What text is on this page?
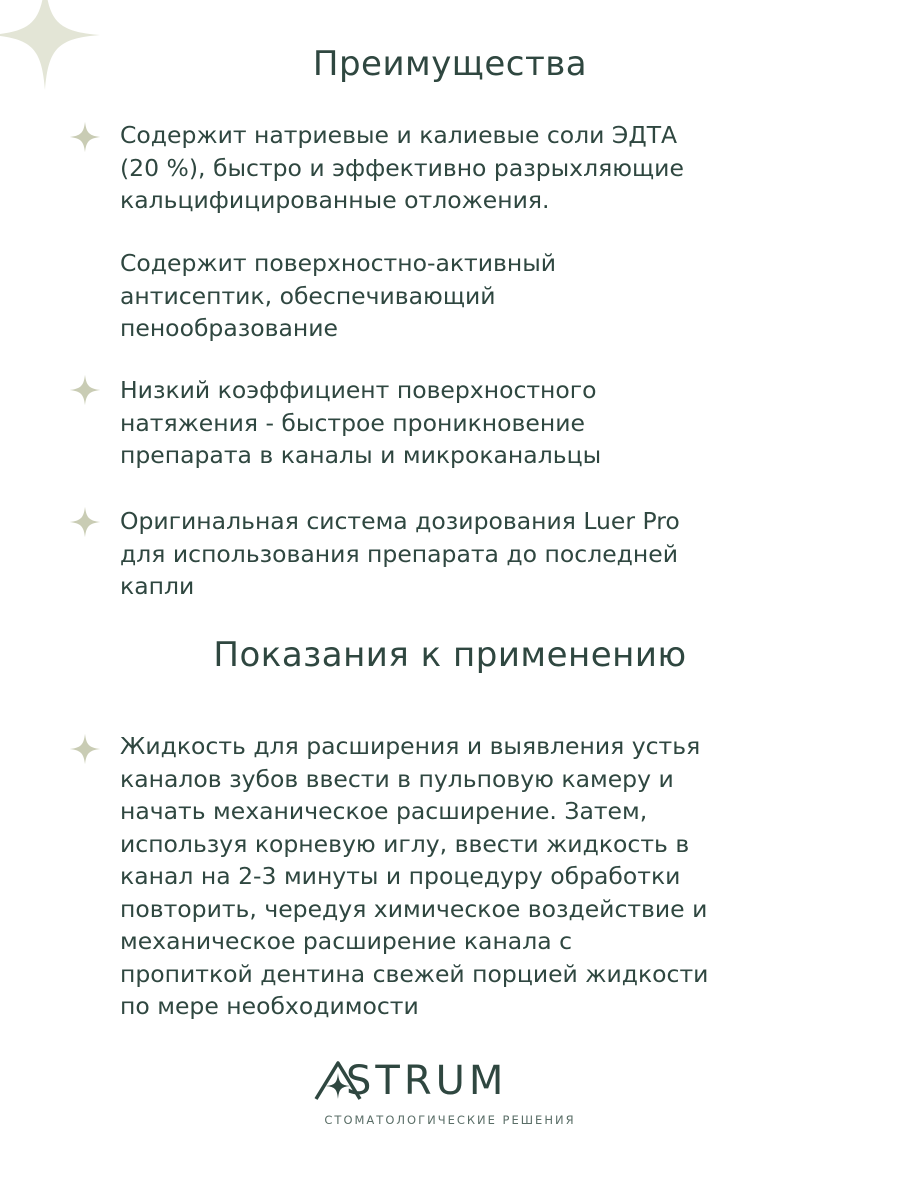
Преимущества
Содержит натриевые и калиевые соли ЭДТА
(20 %), быстро и эффективно разрыхляющие
кальцифицированные отложения.
Содержит поверхностно-активный
антисептик, обеспечивающий
пенообразование
Низкий коэффициент поверхностного
натяжения - быстрое проникновение
препарата в каналы и микроканальцы
Оригинальная система дозирования Luer Pro
для использования препарата до последней
капли
Показания к применению
Жидкость для расширения и выявления устья
каналов зубов ввести в пульповую камеру и
начать механическое расширение. Затем,
используя корневую иглу, ввести жидкость в
канал на 2-3 минуты и процедуру обработки
повторить, чередуя химическое воздействие и
механическое расширение канала с
пропиткой дентина свежей порцией жидкости
по мере необходимости
STRUM
СТОМАТОЛОГИЧЕСКИЕ РЕШЕНИЯ
